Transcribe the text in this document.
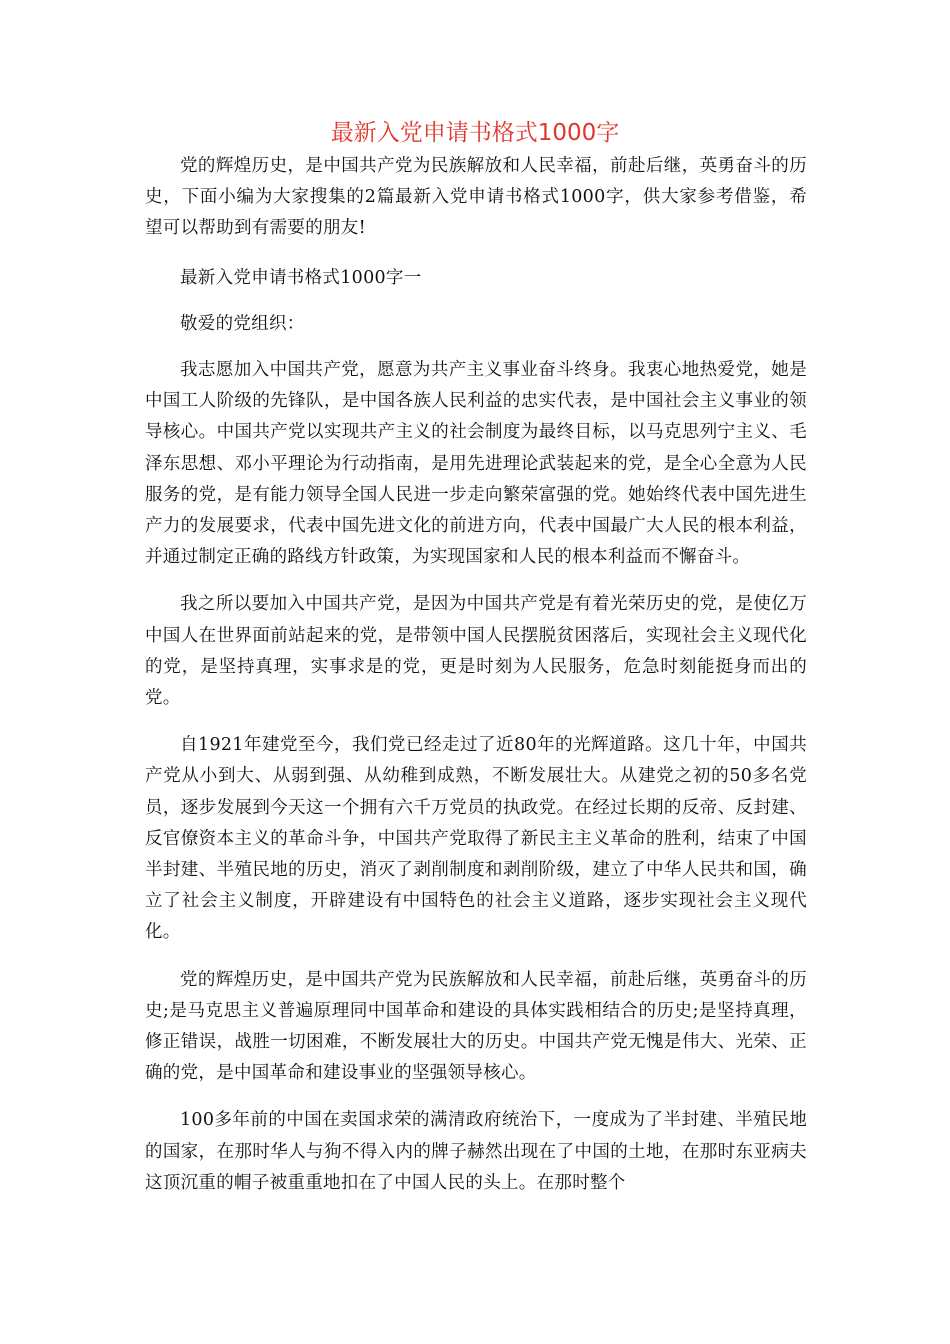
最新入党申请书格式1000字

党的辉煌历史，是中国共产党为民族解放和人民幸福，前赴后继，英勇奋斗的历史，下面小编为大家搜集的2篇最新入党申请书格式1000字，供大家参考借鉴，希望可以帮助到有需要的朋友!

最新入党申请书格式1000字一

敬爱的党组织：

我志愿加入中国共产党，愿意为共产主义事业奋斗终身。我衷心地热爱党，她是中国工人阶级的先锋队，是中国各族人民利益的忠实代表，是中国社会主义事业的领导核心。中国共产党以实现共产主义的社会制度为最终目标，以马克思列宁主义、毛泽东思想、邓小平理论为行动指南，是用先进理论武装起来的党，是全心全意为人民服务的党，是有能力领导全国人民进一步走向繁荣富强的党。她始终代表中国先进生产力的发展要求，代表中国先进文化的前进方向，代表中国最广大人民的根本利益，并通过制定正确的路线方针政策，为实现国家和人民的根本利益而不懈奋斗。

我之所以要加入中国共产党，是因为中国共产党是有着光荣历史的党，是使亿万中国人在世界面前站起来的党，是带领中国人民摆脱贫困落后，实现社会主义现代化的党，是坚持真理，实事求是的党，更是时刻为人民服务，危急时刻能挺身而出的党。

自1921年建党至今，我们党已经走过了近80年的光辉道路。这几十年，中国共产党从小到大、从弱到强、从幼稚到成熟，不断发展壮大。从建党之初的50多名党员，逐步发展到今天这一个拥有六千万党员的执政党。在经过长期的反帝、反封建、反官僚资本主义的革命斗争，中国共产党取得了新民主主义革命的胜利，结束了中国半封建、半殖民地的历史，消灭了剥削制度和剥削阶级，建立了中华人民共和国，确立了社会主义制度，开辟建设有中国特色的社会主义道路，逐步实现社会主义现代化。

党的辉煌历史，是中国共产党为民族解放和人民幸福，前赴后继，英勇奋斗的历史;是马克思主义普遍原理同中国革命和建设的具体实践相结合的历史;是坚持真理，修正错误，战胜一切困难，不断发展壮大的历史。中国共产党无愧是伟大、光荣、正确的党，是中国革命和建设事业的坚强领导核心。

100多年前的中国在卖国求荣的满清政府统治下，一度成为了半封建、半殖民地的国家，在那时华人与狗不得入内的牌子赫然出现在了中国的土地，在那时东亚病夫这顶沉重的帽子被重重地扣在了中国人民的头上。在那时整个
